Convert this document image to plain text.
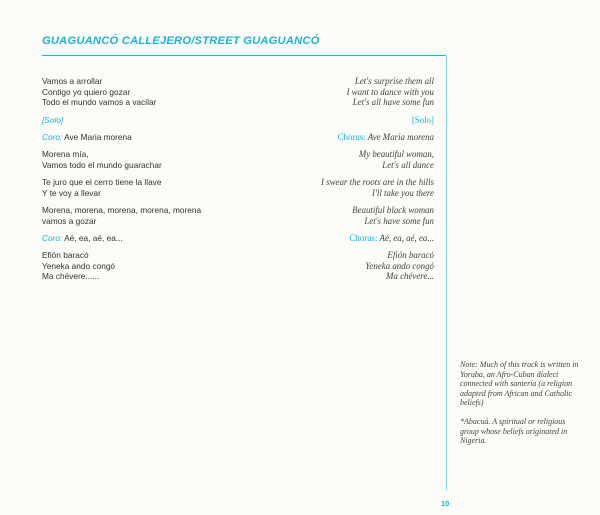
GUAGUANCÓ CALLEJERO/STREET GUAGUANCÓ
Vamos a arrollar
Contigo yo quiero gozar
Todo el mundo vamos a vacilar
[Solo]
Coro: Ave Maria morena
Morena mía,
Vamos todo el mundo guarachar
Te juro que el cerro tiene la llave
Y te voy a llevar
Morena, morena, morena, morena, morena
vamos a gozar
Coro: Aé, ea, aé, ea...
Efión baracó
Yeneka ando congó
Ma chévere......
Let's surprise them all
I want to dance with you
Let's all have some fun
[Solo]
Chorus: Ave Maria morena
My beautiful woman,
Let's all dance
I swear the roots are in the hills
I'll take you there
Beautiful black woman
Let's have some fun
Chorus: Aé, ea, aé, ea...
Efión baracó
Yeneka ando congó
Ma chévere...

Note: Much of this track is written in Yoruba, an Afro-Cuban dialect connected with santería (a religion adapted from African and Catholic beliefs)

*Abacuá. A spiritual or religious group whose beliefs originated in Nigeria.

10
